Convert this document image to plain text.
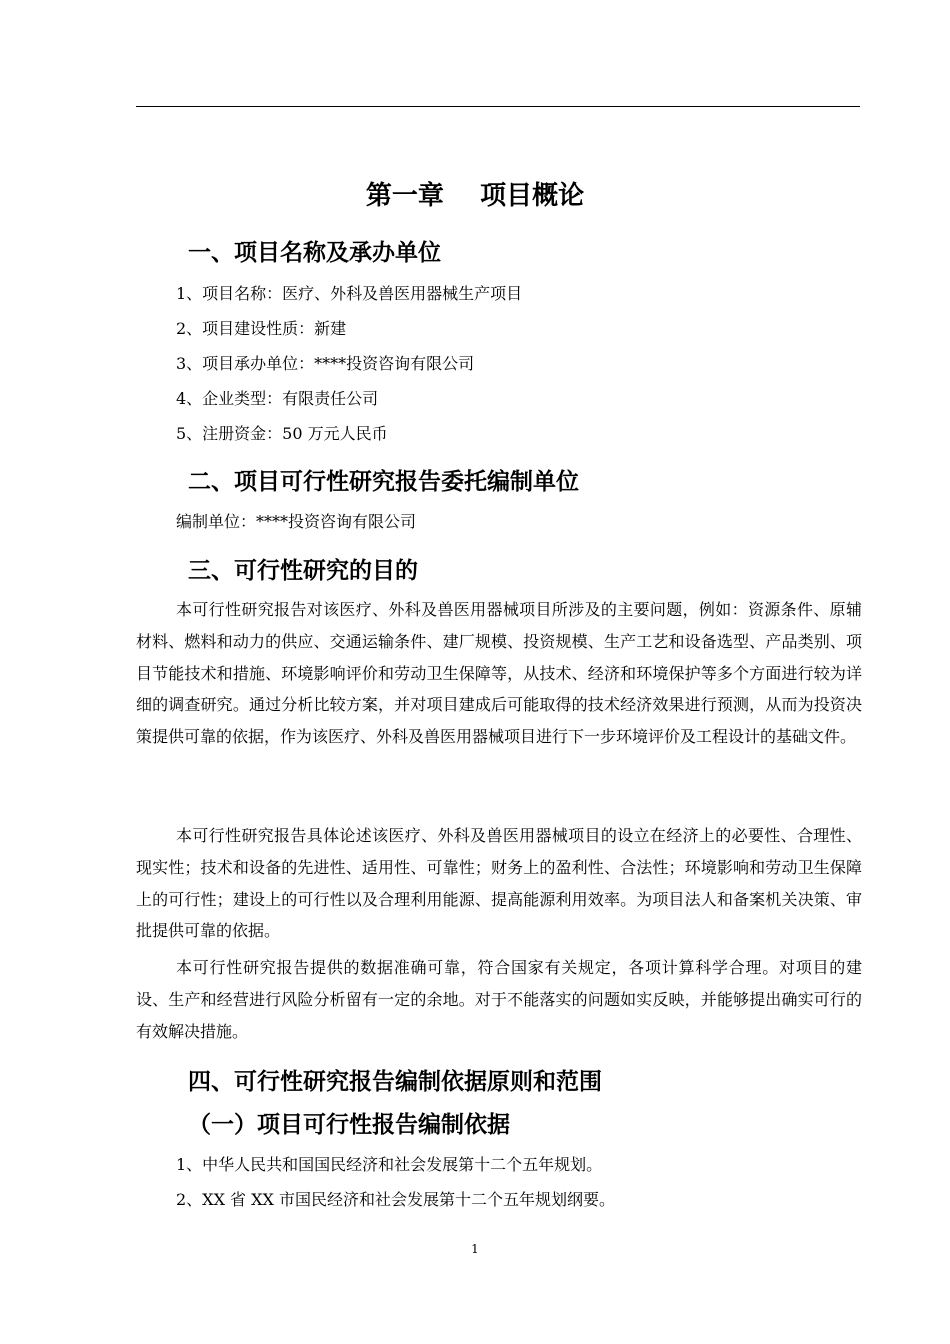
第一章    项目概论
一、项目名称及承办单位
1、项目名称：医疗、外科及兽医用器械生产项目
2、项目建设性质：新建
3、项目承办单位：****投资咨询有限公司
4、企业类型：有限责任公司
5、注册资金：50 万元人民币
二、项目可行性研究报告委托编制单位
编制单位：****投资咨询有限公司
三、可行性研究的目的

本可行性研究报告对该医疗、外科及兽医用器械项目所涉及的主要问题，例如：资源条件、原辅材料、燃料和动力的供应、交通运输条件、建厂规模、投资规模、生产工艺和设备选型、产品类别、项目节能技术和措施、环境影响评价和劳动卫生保障等，从技术、经济和环境保护等多个方面进行较为详细的调查研究。通过分析比较方案，并对项目建成后可能取得的技术经济效果进行预测，从而为投资决策提供可靠的依据，作为该医疗、外科及兽医用器械项目进行下一步环境评价及工程设计的基础文件。

本可行性研究报告具体论述该医疗、外科及兽医用器械项目的设立在经济上的必要性、合理性、现实性；技术和设备的先进性、适用性、可靠性；财务上的盈利性、合法性；环境影响和劳动卫生保障上的可行性；建设上的可行性以及合理利用能源、提高能源利用效率。为项目法人和备案机关决策、审批提供可靠的依据。

本可行性研究报告提供的数据准确可靠，符合国家有关规定，各项计算科学合理。对项目的建设、生产和经营进行风险分析留有一定的余地。对于不能落实的问题如实反映，并能够提出确实可行的有效解决措施。

四、可行性研究报告编制依据原则和范围
（一）项目可行性报告编制依据
1、中华人民共和国国民经济和社会发展第十二个五年规划。
2、XX 省 XX 市国民经济和社会发展第十二个五年规划纲要。
1
